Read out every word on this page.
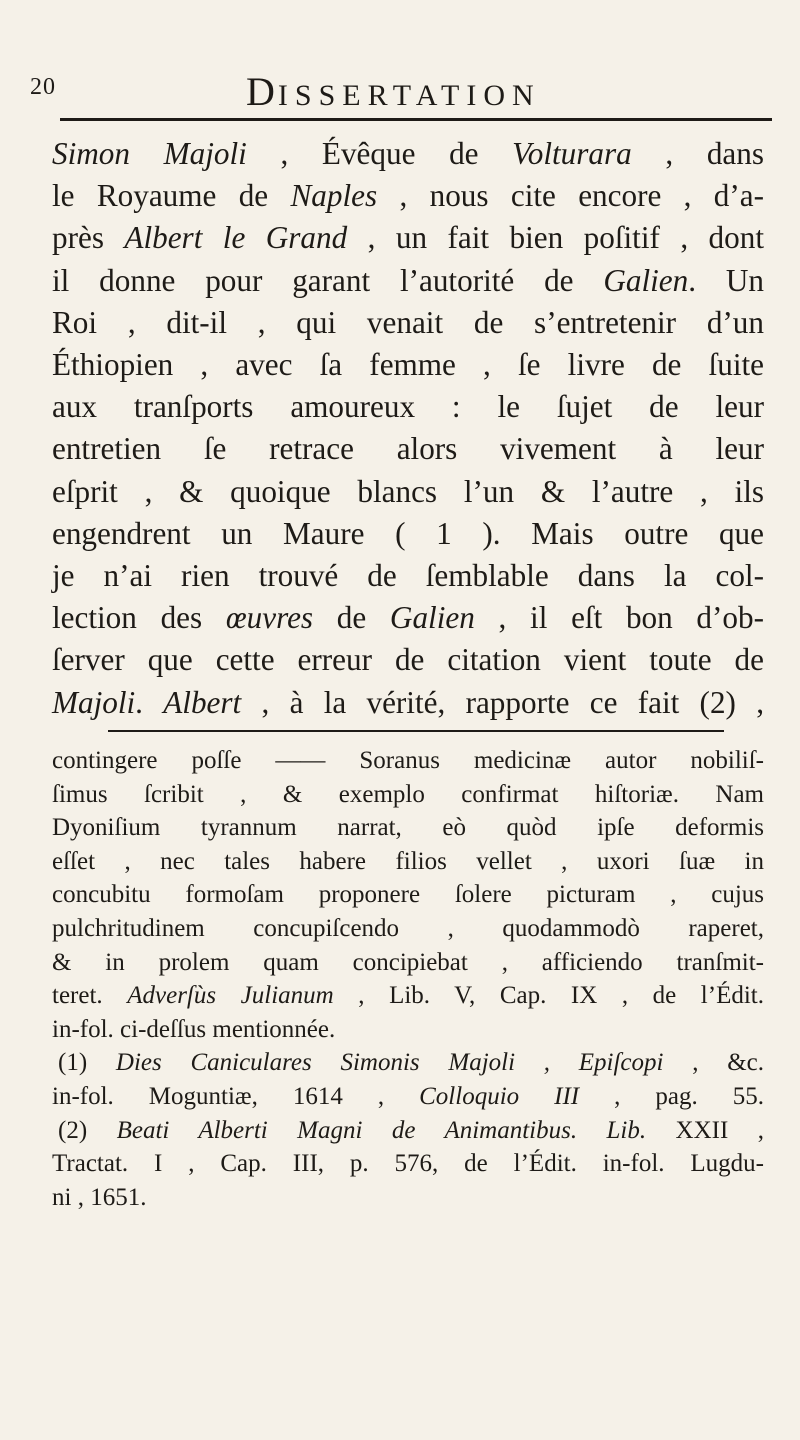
20	DISSERTATION
Simon Majoli , Évêque de Volturara , dans
le Royaume de Naples , nous cite encore , d’a-
près Albert le Grand , un fait bien poſitif , dont
il donne pour garant l’autorité de Galien. Un
Roi , dit-il , qui venait de s’entretenir d’un
Éthiopien , avec ſa femme , ſe livre de ſuite
aux tranſports amoureux : le ſujet de leur
entretien ſe retrace alors vivement à leur
eſprit , & quoique blancs l’un & l’autre , ils
engendrent un Maure ( 1 ). Mais outre que
je n’ai rien trouvé de ſemblable dans la col-
lection des œuvres de Galien , il eſt bon d’ob-
ſerver que cette erreur de citation vient toute de
Majoli. Albert , à la vérité, rapporte ce fait (2) ,
contingere poſſe —— Soranus medicinæ autor nobiliſ-
ſimus ſcribit , & exemplo confirmat hiſtoriæ. Nam
Dyoniſium tyrannum narrat, eò quòd ipſe deformis
eſſet , nec tales habere filios vellet , uxori ſuæ in
concubitu formoſam proponere ſolere picturam , cujus
pulchritudinem concupiſcendo , quodammodò raperet,
& in prolem quam concipiebat , afficiendo tranſmit-
teret. Adverſùs Julianum , Lib. V, Cap. IX , de l’Édit.
in-fol. ci-deſſus mentionnée.
(1) Dies Caniculares Simonis Majoli , Epiſcopi , &c.
in-fol. Moguntiæ, 1614 , Colloquio III , pag. 55.
(2) Beati Alberti Magni de Animantibus. Lib. XXII ,
Tractat. I , Cap. III, p. 576, de l’Édit. in-fol. Lugdu-
ni , 1651.
